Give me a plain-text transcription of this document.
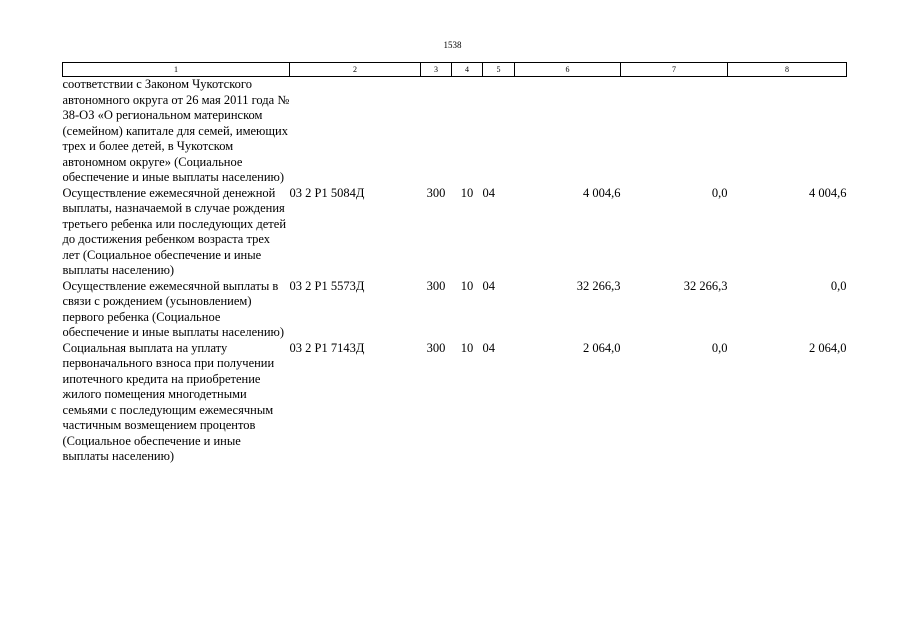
1538
1	2	3	4	5	6	7	8
соответствии с Законом Чукотского автономного округа от 26 мая 2011 года № 38-ОЗ «О региональном материнском (семейном) капитале для семей, имеющих трех и более детей, в Чукотском автономном округе» (Социальное обеспечение и иные выплаты населению)							
Осуществление ежемесячной денежной выплаты, назначаемой в случае рождения третьего ребенка или последующих детей до достижения ребенком возраста трех лет (Социальное обеспечение и иные выплаты населению)	03 2 P1 5084Д	300	10	04	4 004,6	0,0	4 004,6
Осуществление ежемесячной выплаты в связи с рождением (усыновлением) первого ребенка (Социальное обеспечение и иные выплаты населению)	03 2 P1 5573Д	300	10	04	32 266,3	32 266,3	0,0
Социальная выплата на уплату первоначального взноса при получении ипотечного кредита на приобретение жилого помещения многодетными семьями с последующим ежемесячным частичным возмещением процентов (Социальное обеспечение и иные выплаты населению)	03 2 P1 7143Д	300	10	04	2 064,0	0,0	2 064,0
